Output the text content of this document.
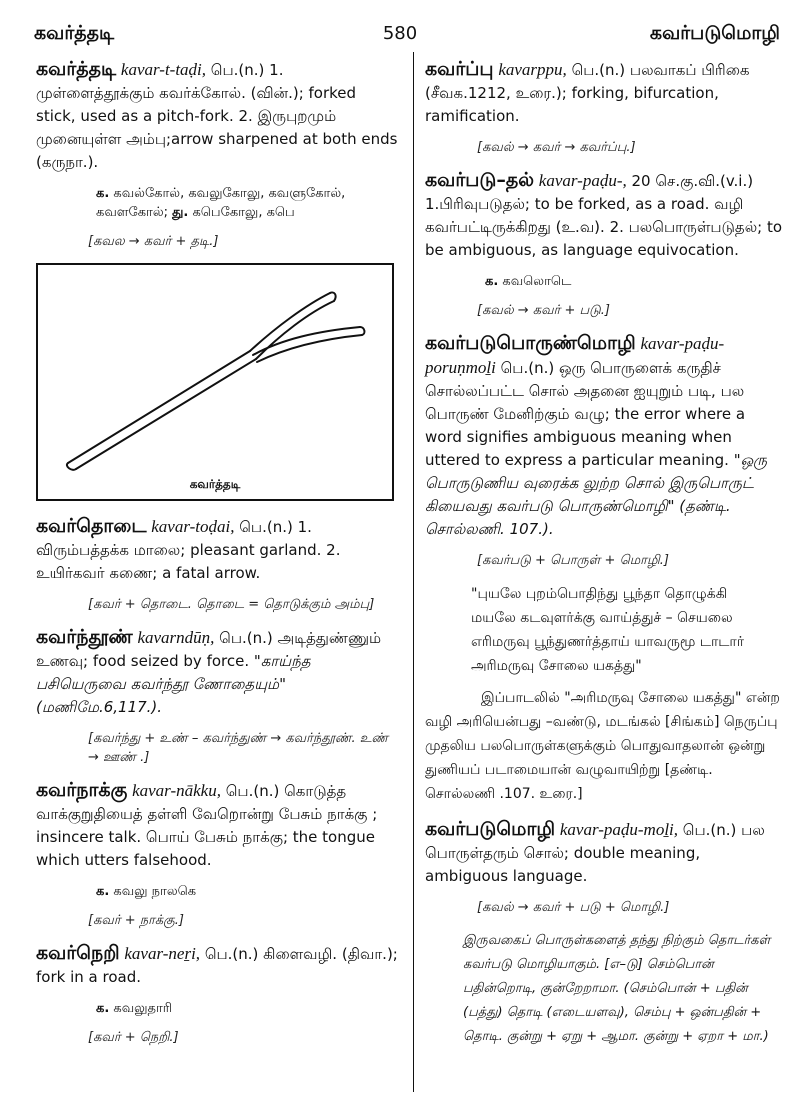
கவர்த்தடி	580	கவர்படுமொழி
கவர்த்தடி kavar-t-taḍi, பெ.(n.) 1. முள்ளைத்தூக்கும் கவர்க்கோல். (வின்.); forked stick, used as a pitch-fork. 2. இருபுறமும் முனையுள்ள அம்பு;arrow sharpened at both ends (கருநா.).
க. கவல்கோல், கவலுகோலு, கவளுகோல், கவளகோல்; து. கபெகோலு, கபெ
[கவல → கவர் + தடி.]
கவர்த்தடி
கவர்தொடை kavar-toḍai, பெ.(n.) 1. விரும்பத்தக்க மாலை; pleasant garland. 2. உயிர்கவர் கணை; a fatal arrow.
[கவர் + தொடை. தொடை = தொடுக்கும் அம்பு]
கவர்ந்தூண் kavarndūṇ, பெ.(n.) அடித்துண்ணும் உணவு; food seized by force. "காய்ந்த பசியெருவை கவர்ந்தூ ணோதையும்" (மணிமே.6,117.).
[கவர்ந்து + உண் – கவர்ந்துண் → கவர்ந்தூண். உண் → ஊண் .]
கவர்நாக்கு kavar-nākku, பெ.(n.) கொடுத்த வாக்குறுதியைத் தள்ளி வேறொன்று பேசும் நாக்கு ; insincere talk. பொய் பேசும் நாக்கு; the tongue which utters falsehood.
க. கவலு நாலகெ
[கவர் + நாக்கு.]
கவர்நெறி kavar-neṟi, பெ.(n.) கிளைவழி. (திவா.); fork in a road.
க. கவலுதாரி
[கவர் + நெறி.]
கவர்ப்பு kavarppu, பெ.(n.) பலவாகப் பிரிகை (சீவக.1212, உரை.); forking, bifurcation, ramification.
[கவல் → கவர் → கவர்ப்பு.]
கவர்படு–தல் kavar-paḍu-, 20 செ.கு.வி.(v.i.) 1.பிரிவுபடுதல்; to be forked, as a road. வழி கவர்பட்டிருக்கிறது (உ.வ). 2. பலபொருள்படுதல்; to be ambiguous, as language equivocation.
க. கவலொடெ
[கவல் → கவர் + படு.]
கவர்படுபொருண்மொழி kavar-paḍu-poruṇmoḻi பெ.(n.) ஒரு பொருளைக் கருதிச் சொல்லப்பட்ட சொல் அதனை ஐயுறும் படி, பல பொருண் மேனிற்கும் வழு; the error where a word signifies ambiguous meaning when uttered to express a particular meaning. "ஒரு பொருடுணிய வுரைக்க லுற்ற சொல் இருபொருட் கியைவது கவர்படு பொருண்மொழி" (தண்டி. சொல்லணி. 107.).
[கவர்படு + பொருள் + மொழி.]
"புயலே புறம்பொதிந்து பூந்தா தொழுக்கி
மயலே கடவுளர்க்கு வாய்த்துச் – செயலை
எரிமருவு பூந்துணர்த்தாய் யாவருமூ டாடார்
அரிமருவு சோலை யகத்து"
இப்பாடலில் "அரிமருவு சோலை யகத்து" என்ற வழி அரியென்பது –வண்டு, மடங்கல் [சிங்கம்] நெருப்பு முதலிய பலபொருள்களுக்கும் பொதுவாதலான் ஒன்று துணியப் படாமையான் வழுவாயிற்று [தண்டி. சொல்லணி .107. உரை.]
கவர்படுமொழி kavar-paḍu-moḻi, பெ.(n.) பல பொருள்தரும் சொல்; double meaning, ambiguous language.
[கவல் → கவர் + படு + மொழி.]
இருவகைப் பொருள்களைத் தந்து நிற்கும் தொடர்கள் கவர்படு மொழியாகும். [எ–டு] செம்பொன் பதின்றொடி, குன்றேறாமா. (செம்பொன் + பதின் (பத்து) தொடி (எடையளவு), செம்பு + ஒன்பதின் + தொடி. குன்று + ஏறு + ஆமா. குன்று + ஏறா + மா.)
